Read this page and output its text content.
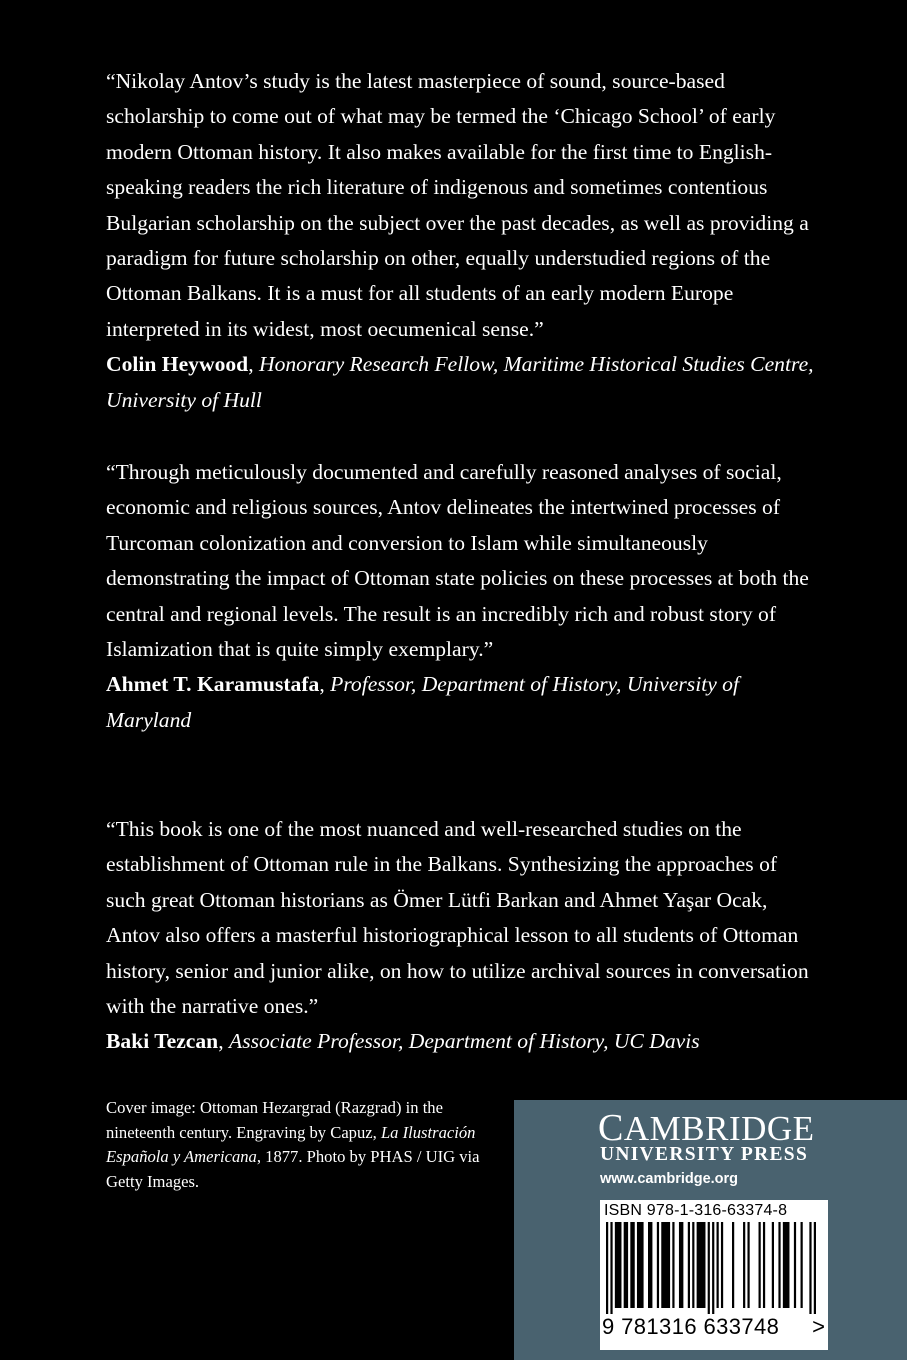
“Nikolay Antov’s study is the latest masterpiece of sound, source-based scholarship to come out of what may be termed the ‘Chicago School’ of early modern Ottoman history. It also makes available for the first time to English-speaking readers the rich literature of indigenous and sometimes contentious Bulgarian scholarship on the subject over the past decades, as well as providing a paradigm for future scholarship on other, equally understudied regions of the Ottoman Balkans. It is a must for all students of an early modern Europe interpreted in its widest, most oecumenical sense.”

Colin Heywood, Honorary Research Fellow, Maritime Historical Studies Centre, University of Hull

“Through meticulously documented and carefully reasoned analyses of social, economic and religious sources, Antov delineates the intertwined processes of Turcoman colonization and conversion to Islam while simultaneously demonstrating the impact of Ottoman state policies on these processes at both the central and regional levels. The result is an incredibly rich and robust story of Islamization that is quite simply exemplary.”

Ahmet T. Karamustafa, Professor, Department of History, University of Maryland

“This book is one of the most nuanced and well-researched studies on the establishment of Ottoman rule in the Balkans. Synthesizing the approaches of such great Ottoman historians as Ömer Lütfi Barkan and Ahmet Yaşar Ocak, Antov also offers a masterful historiographical lesson to all students of Ottoman history, senior and junior alike, on how to utilize archival sources in conversation with the narrative ones.”

Baki Tezcan, Associate Professor, Department of History, UC Davis

Cover image: Ottoman Hezargrad (Razgrad) in the nineteenth century. Engraving by Capuz, La Ilustración Española y Americana, 1877. Photo by PHAS / UIG via Getty Images.

CAMBRIDGE

UNIVERSITY PRESS

www.cambridge.org

ISBN 978-1-316-63374-8

9 781316 633748 >
